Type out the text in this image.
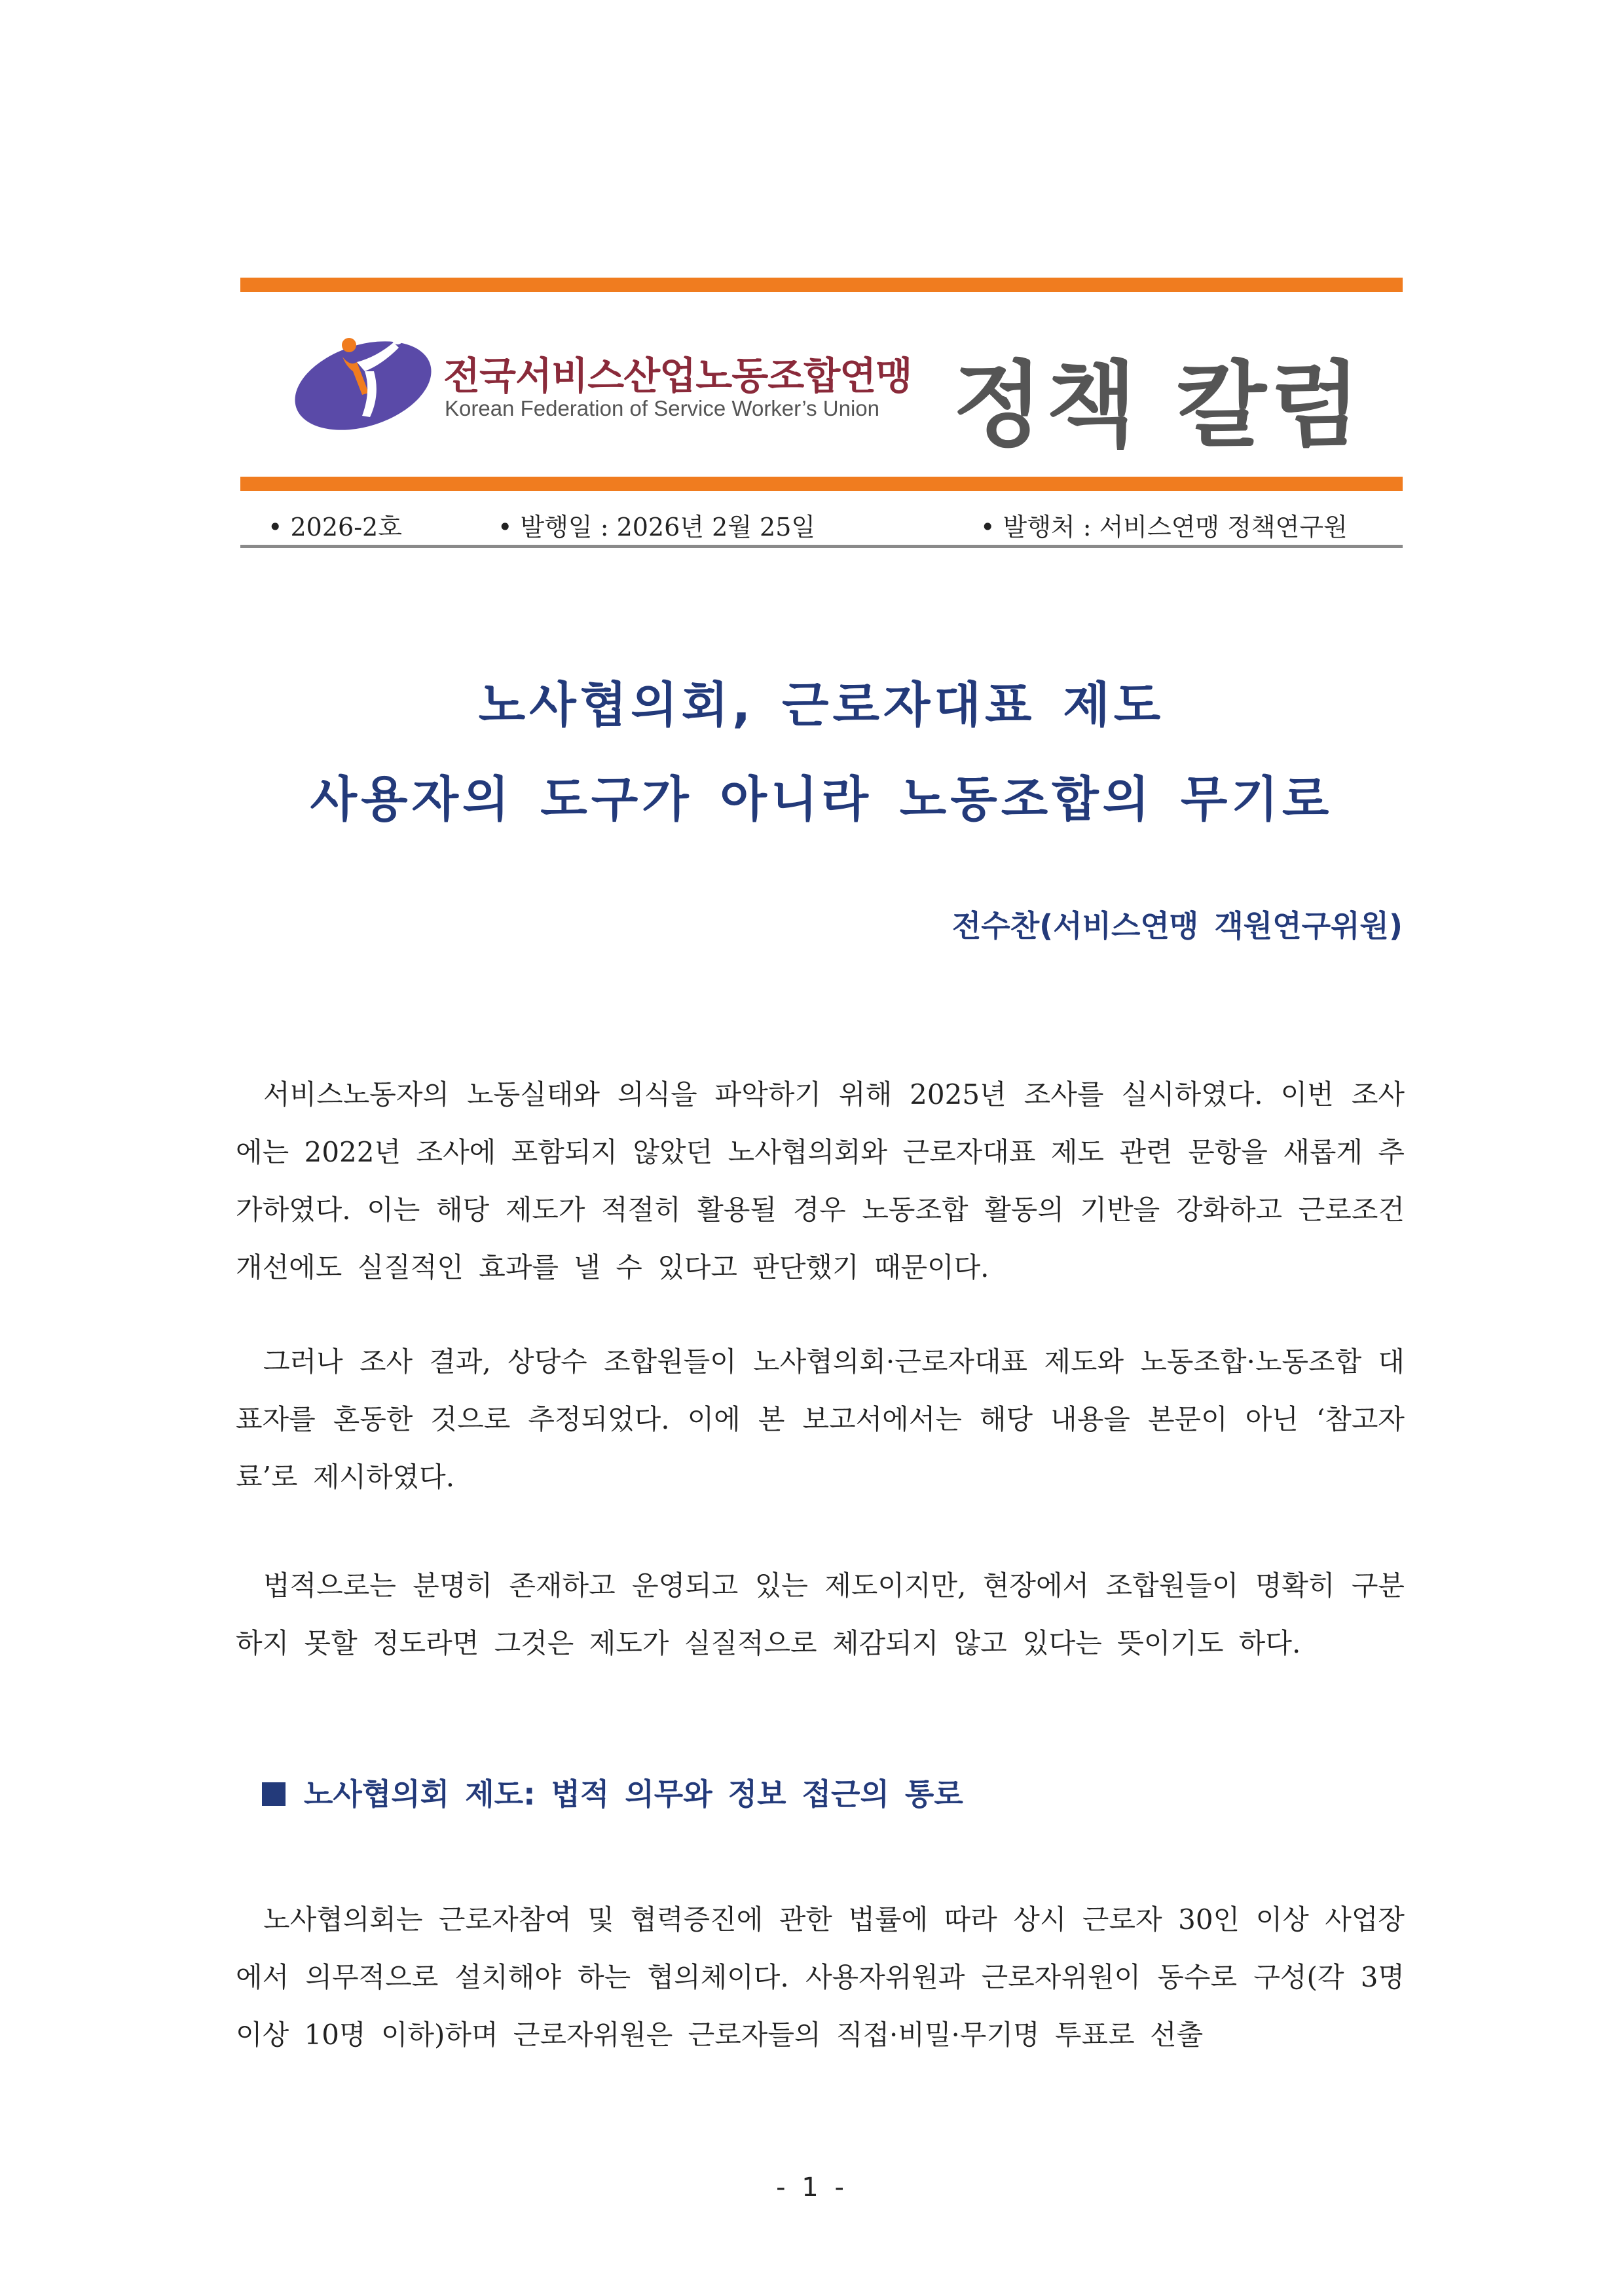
전국서비스산업노동조합연맹
Korean Federation of Service Worker’s Union 정책 칼럼
• 2026-2호	• 발행일 : 2026년 2월 25일	• 발행처 : 서비스연맹 정책연구원
노사협의회, 근로자대표 제도
사용자의 도구가 아니라 노동조합의 무기로
전수찬(서비스연맹 객원연구위원)

서비스노동자의 노동실태와 의식을 파악하기 위해 2025년 조사를 실시하였다. 이번 조사에는 2022년 조사에 포함되지 않았던 노사협의회와 근로자대표 제도 관련 문항을 새롭게 추가하였다. 이는 해당 제도가 적절히 활용될 경우 노동조합 활동의 기반을 강화하고 근로조건 개선에도 실질적인 효과를 낼 수 있다고 판단했기 때문이다.

그러나 조사 결과, 상당수 조합원들이 노사협의회·근로자대표 제도와 노동조합·노동조합 대표자를 혼동한 것으로 추정되었다. 이에 본 보고서에서는 해당 내용을 본문이 아닌 ‘참고자료’로 제시하였다.

법적으로는 분명히 존재하고 운영되고 있는 제도이지만, 현장에서 조합원들이 명확히 구분하지 못할 정도라면 그것은 제도가 실질적으로 체감되지 않고 있다는 뜻이기도 하다.

노사협의회 제도: 법적 의무와 정보 접근의 통로

노사협의회는 근로자참여 및 협력증진에 관한 법률에 따라 상시 근로자 30인 이상 사업장에서 의무적으로 설치해야 하는 협의체이다. 사용자위원과 근로자위원이 동수로 구성(각 3명 이상 10명 이하)하며 근로자위원은 근로자들의 직접·비밀·무기명 투표로 선출

- 1 -
